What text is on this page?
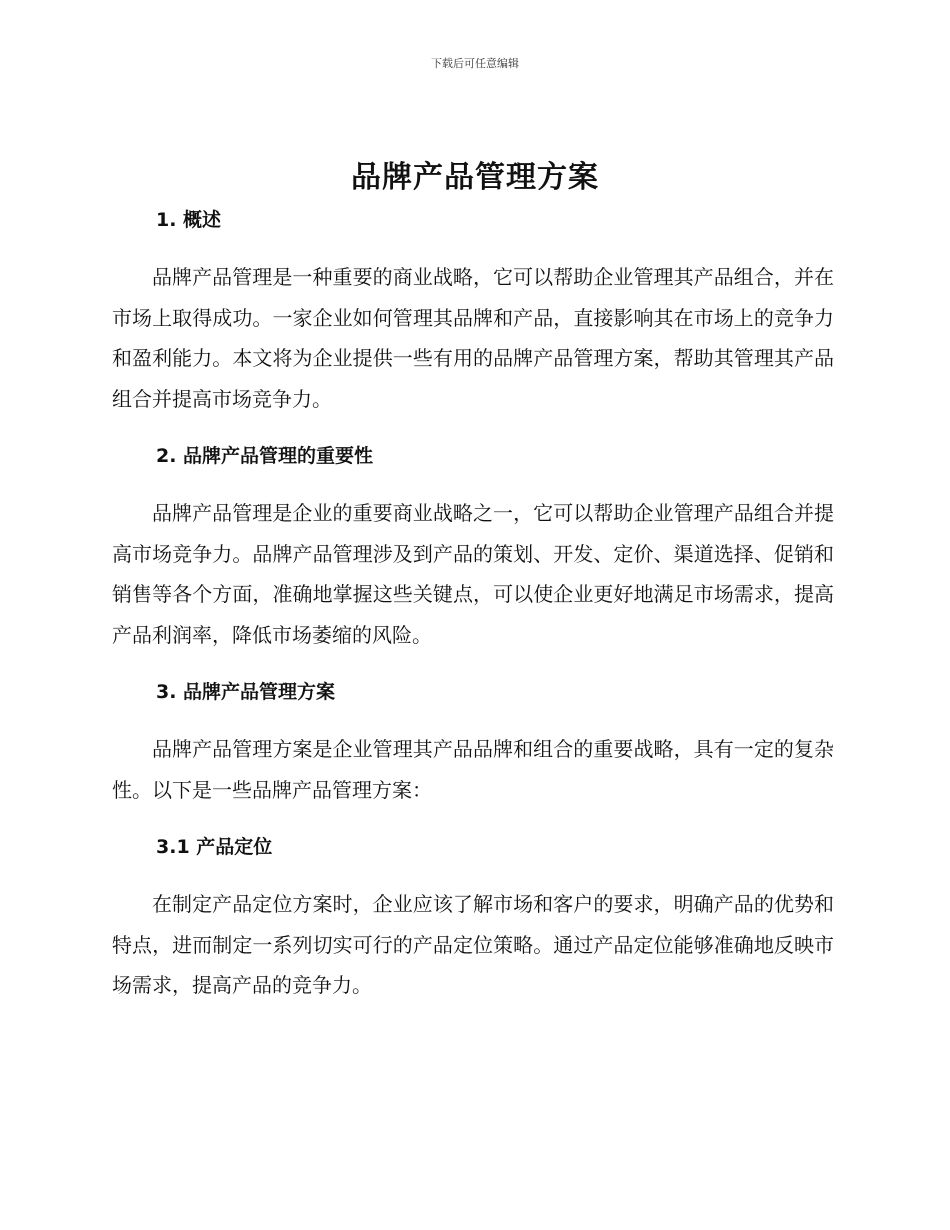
下载后可任意编辑
品牌产品管理方案
1. 概述

品牌产品管理是一种重要的商业战略，它可以帮助企业管理其产品组合，并在市场上取得成功。一家企业如何管理其品牌和产品，直接影响其在市场上的竞争力和盈利能力。本文将为企业提供一些有用的品牌产品管理方案，帮助其管理其产品组合并提高市场竞争力。

2. 品牌产品管理的重要性

品牌产品管理是企业的重要商业战略之一，它可以帮助企业管理产品组合并提高市场竞争力。品牌产品管理涉及到产品的策划、开发、定价、渠道选择、促销和销售等各个方面，准确地掌握这些关键点，可以使企业更好地满足市场需求，提高产品利润率，降低市场萎缩的风险。

3. 品牌产品管理方案

品牌产品管理方案是企业管理其产品品牌和组合的重要战略，具有一定的复杂性。以下是一些品牌产品管理方案：

3.1 产品定位

在制定产品定位方案时，企业应该了解市场和客户的要求，明确产品的优势和特点，进而制定一系列切实可行的产品定位策略。通过产品定位能够准确地反映市场需求，提高产品的竞争力。
